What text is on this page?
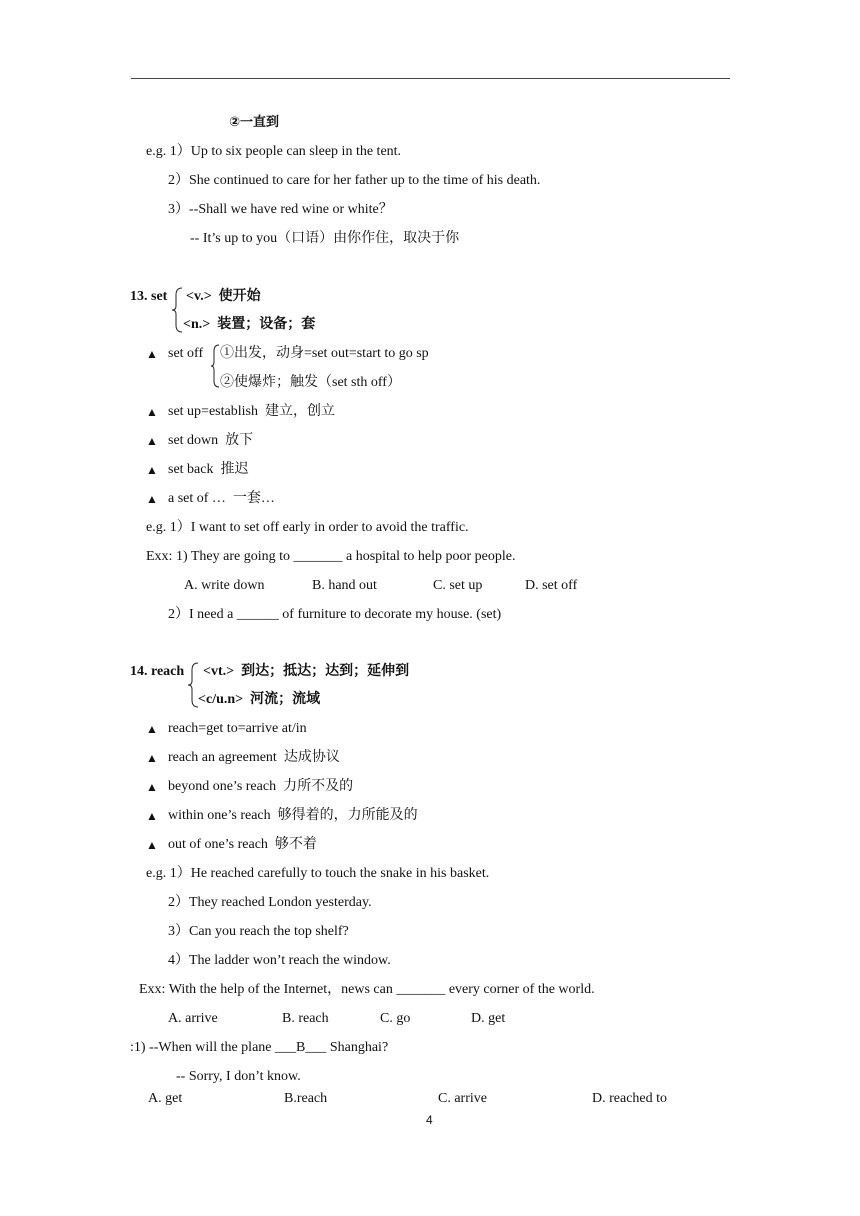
②一直到
e.g. 1）Up to six people can sleep in the tent.
2）She continued to care for her father up to the time of his death.
3）--Shall we have red wine or white？
-- It’s up to you（口语）由你作住，取决于你
13. set <v.>  使开始
<n.>  装置；设备；套
▲ set off ①出发，动身=set out=start to go sp
②使爆炸；触发（set sth off）
▲ set up=establish  建立，创立
▲ set down  放下
▲ set back  推迟
▲ a set of …  一套…
e.g. 1）I want to set off early in order to avoid the traffic.
Exx: 1) They are going to _______ a hospital to help poor people.
A. write down	B. hand out	C. set up	D. set off
2）I need a ______ of furniture to decorate my house. (set)
14. reach <vt.>  到达；抵达；达到；延伸到
<c/u.n>  河流；流域
▲ reach=get to=arrive at/in
▲ reach an agreement  达成协议
▲ beyond one’s reach  力所不及的
▲ within one’s reach  够得着的，力所能及的
▲ out of one’s reach  够不着
e.g. 1）He reached carefully to touch the snake in his basket.
2）They reached London yesterday.
3）Can you reach the top shelf?
4）The ladder won’t reach the window.
Exx: With the help of the Internet，news can _______ every corner of the world.
A. arrive	B. reach	C. go	D. get
:1) --When will the plane ___B___ Shanghai?
-- Sorry, I don’t know.
A. get	B.reach	C. arrive	D. reached to
4
